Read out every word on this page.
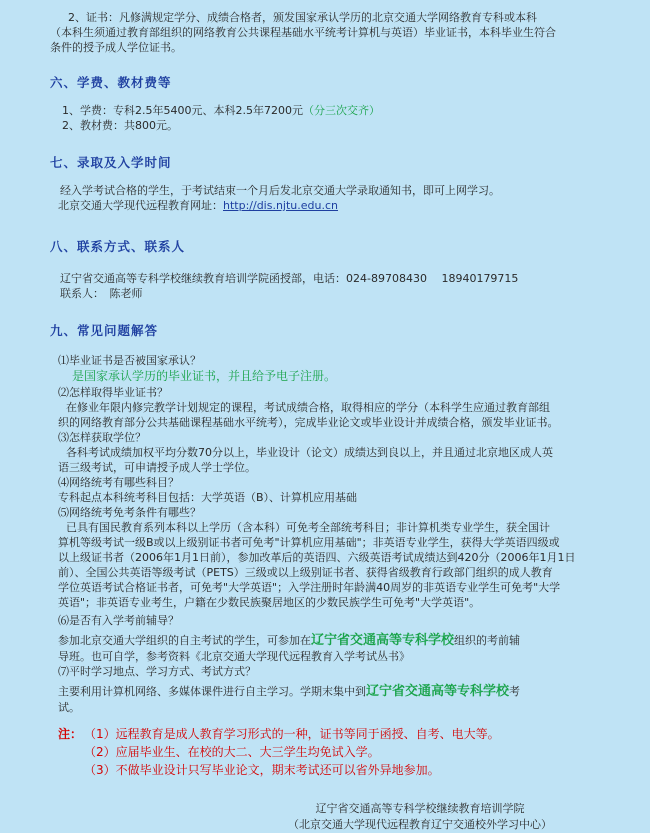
2、证书：凡修满规定学分、成绩合格者，颁发国家承认学历的北京交通大学网络教育专科或本科

（本科生须通过教育部组织的网络教育公共课程基础水平统考计算机与英语）毕业证书，本科毕业生符合

条件的授予成人学位证书。

六、学费、教材费等

1、学费：专科2.5年5400元、本科2.5年7200元（分三次交齐）

2、教材费：共800元。

七、录取及入学时间

经入学考试合格的学生，于考试结束一个月后发北京交通大学录取通知书，即可上网学习。

北京交通大学现代远程教育网址：http://dis.njtu.edu.cn

八、联系方式、联系人

辽宁省交通高等专科学校继续教育培训学院函授部，电话：024-89708430　 18940179715

联系人：　陈老师

九、常见问题解答

⑴毕业证书是否被国家承认？

是国家承认学历的毕业证书，并且给予电子注册。

⑵怎样取得毕业证书？

在修业年限内修完教学计划规定的课程，考试成绩合格，取得相应的学分（本科学生应通过教育部组

织的网络教育部分公共基础课程基础水平统考），完成毕业论文或毕业设计并成绩合格，颁发毕业证书。

⑶怎样获取学位？

各科考试成绩加权平均分数70分以上，毕业设计（论文）成绩达到良以上，并且通过北京地区成人英

语三级考试，可申请授予成人学士学位。

⑷网络统考有哪些科目？

专科起点本科统考科目包括：大学英语（B）、计算机应用基础

⑸网络统考免考条件有哪些？

已具有国民教育系列本科以上学历（含本科）可免考全部统考科目；非计算机类专业学生，获全国计

算机等级考试一级B或以上级别证书者可免考"计算机应用基础"；非英语专业学生，获得大学英语四级或

以上级证书者（2006年1月1日前），参加改革后的英语四、六级英语考试成绩达到420分（2006年1月1日

前）、全国公共英语等级考试（PETS）三级或以上级别证书者、获得省级教育行政部门组织的成人教育

学位英语考试合格证书者，可免考"大学英语"；入学注册时年龄满40周岁的非英语专业学生可免考"大学

英语"；非英语专业考生，户籍在少数民族聚居地区的少数民族学生可免考"大学英语"。

⑹是否有入学考前辅导？

参加北京交通大学组织的自主考试的学生，可参加在辽宁省交通高等专科学校组织的考前辅

导班。也可自学，参考资料《北京交通大学现代远程教育入学考试丛书》

⑺平时学习地点、学习方式、考试方式？

主要利用计算机网络、多媒体课件进行自主学习。学期末集中到辽宁省交通高等专科学校考

试。

注： （1）远程教育是成人教育学习形式的一种，证书等同于函授、自考、电大等。
（2）应届毕业生、在校的大二、大三学生均免试入学。
（3）不做毕业设计只写毕业论文，期末考试还可以省外异地参加。
辽宁省交通高等专科学校继续教育培训学院
（北京交通大学现代远程教育辽宁交通校外学习中心）
